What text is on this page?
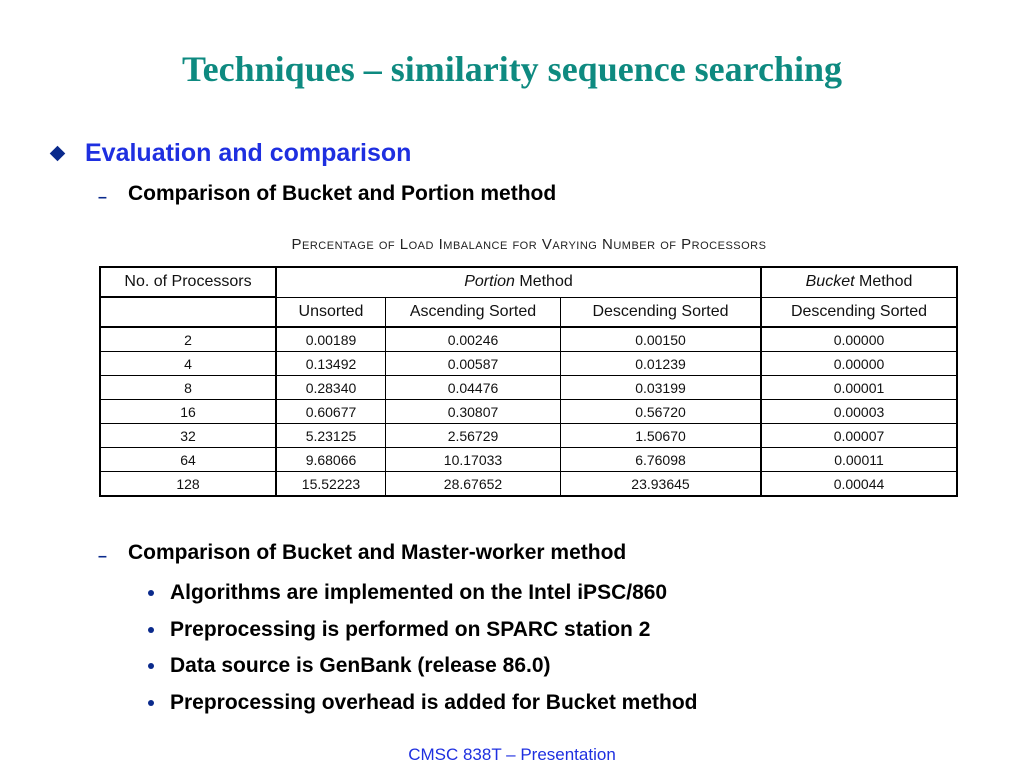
Techniques – similarity sequence searching
Evaluation and comparison
– Comparison of Bucket and Portion method
Percentage of Load Imbalance for Varying Number of Processors
No. of Processors	Portion Method			Bucket Method
	Unsorted	Ascending Sorted	Descending Sorted	Descending Sorted
2	0.00189	0.00246	0.00150	0.00000
4	0.13492	0.00587	0.01239	0.00000
8	0.28340	0.04476	0.03199	0.00001
16	0.60677	0.30807	0.56720	0.00003
32	5.23125	2.56729	1.50670	0.00007
64	9.68066	10.17033	6.76098	0.00011
128	15.52223	28.67652	23.93645	0.00044
– Comparison of Bucket and Master-worker method
Algorithms are implemented on the Intel iPSC/860
Preprocessing is performed on SPARC station 2
Data source is GenBank (release 86.0)
Preprocessing overhead is added for Bucket method
CMSC 838T – Presentation
